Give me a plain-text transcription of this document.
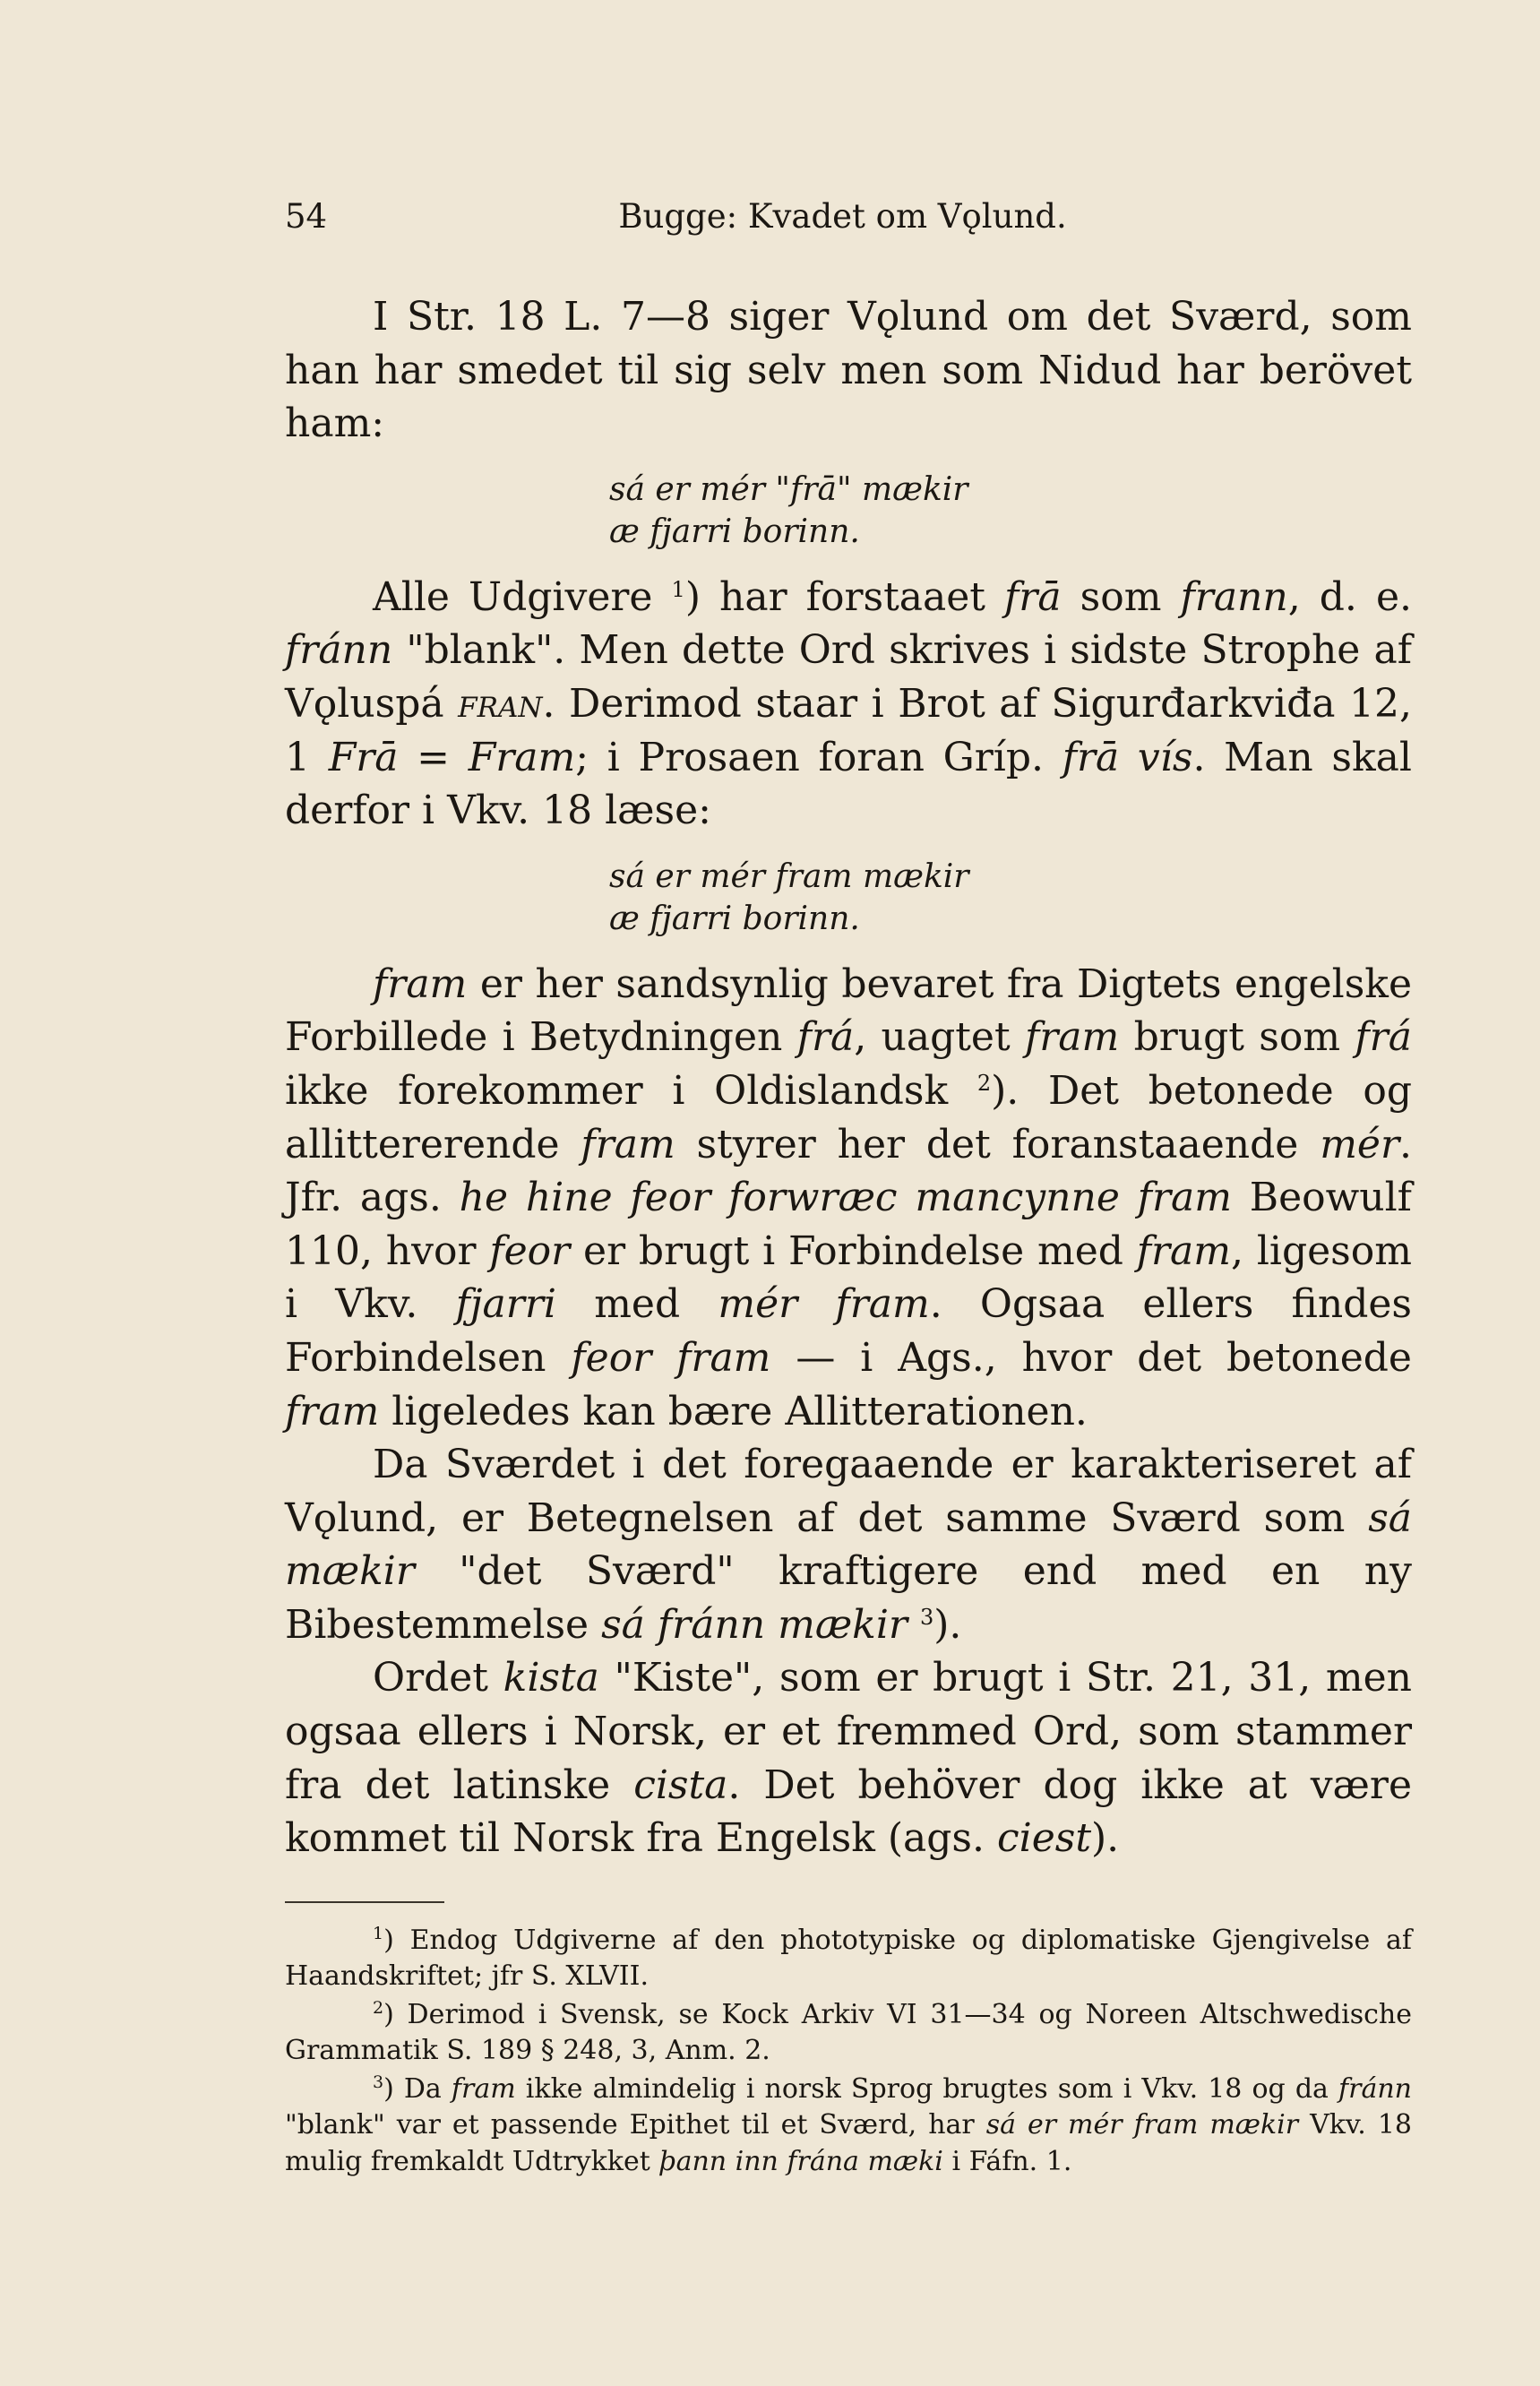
54	Bugge: Kvadet om Vǫlund.

I Str. 18 L. 7—8 siger Vǫlund om det Sværd, som han har smedet til sig selv men som Nidud har berövet ham:

sá er mér "frā" mækir
æ fjarri borinn.

Alle Udgivere $^1$) har forstaaet frā som frann, d. e. fránn "blank". Men dette Ord skrives i sidste Strophe af Vǫluspá fran. Derimod staar i Brot af Sigurđarkviđa 12, 1 Frā = Fram; i Prosaen foran Gríp. frā vís. Man skal derfor i Vkv. 18 læse:

sá er mér fram mækir
æ fjarri borinn.

fram er her sandsynlig bevaret fra Digtets engelske Forbillede i Betydningen frá, uagtet fram brugt som frá ikke forekommer i Oldislandsk $^2$). Det betonede og allittererende fram styrer her det foranstaaende mér. Jfr. ags. he hine feor forwræc mancynne fram Beowulf 110, hvor feor er brugt i Forbindelse med fram, ligesom i Vkv. fjarri med mér fram. Ogsaa ellers findes Forbindelsen feor fram — i Ags., hvor det betonede fram ligeledes kan bære Allitterationen.

Da Sværdet i det foregaaende er karakteriseret af Vǫlund, er Betegnelsen af det samme Sværd som sá mækir "det Sværd" kraftigere end med en ny Bibestemmelse sá fránn mækir $^3$).

Ordet kista "Kiste", som er brugt i Str. 21, 31, men ogsaa ellers i Norsk, er et fremmed Ord, som stammer fra det latinske cista. Det behöver dog ikke at være kommet til Norsk fra Engelsk (ags. ciest).

$^1$) Endog Udgiverne af den phototypiske og diplomatiske Gjengivelse af Haandskriftet; jfr S. XLVII.

$^2$) Derimod i Svensk, se Kock Arkiv VI 31—34 og Noreen Altschwedische Grammatik S. 189 § 248, 3, Anm. 2.

$^3$) Da fram ikke almindelig i norsk Sprog brugtes som i Vkv. 18 og da fránn "blank" var et passende Epithet til et Sværd, har sá er mér fram mækir Vkv. 18 mulig fremkaldt Udtrykket þann inn frána mæki i Fáfn. 1.
